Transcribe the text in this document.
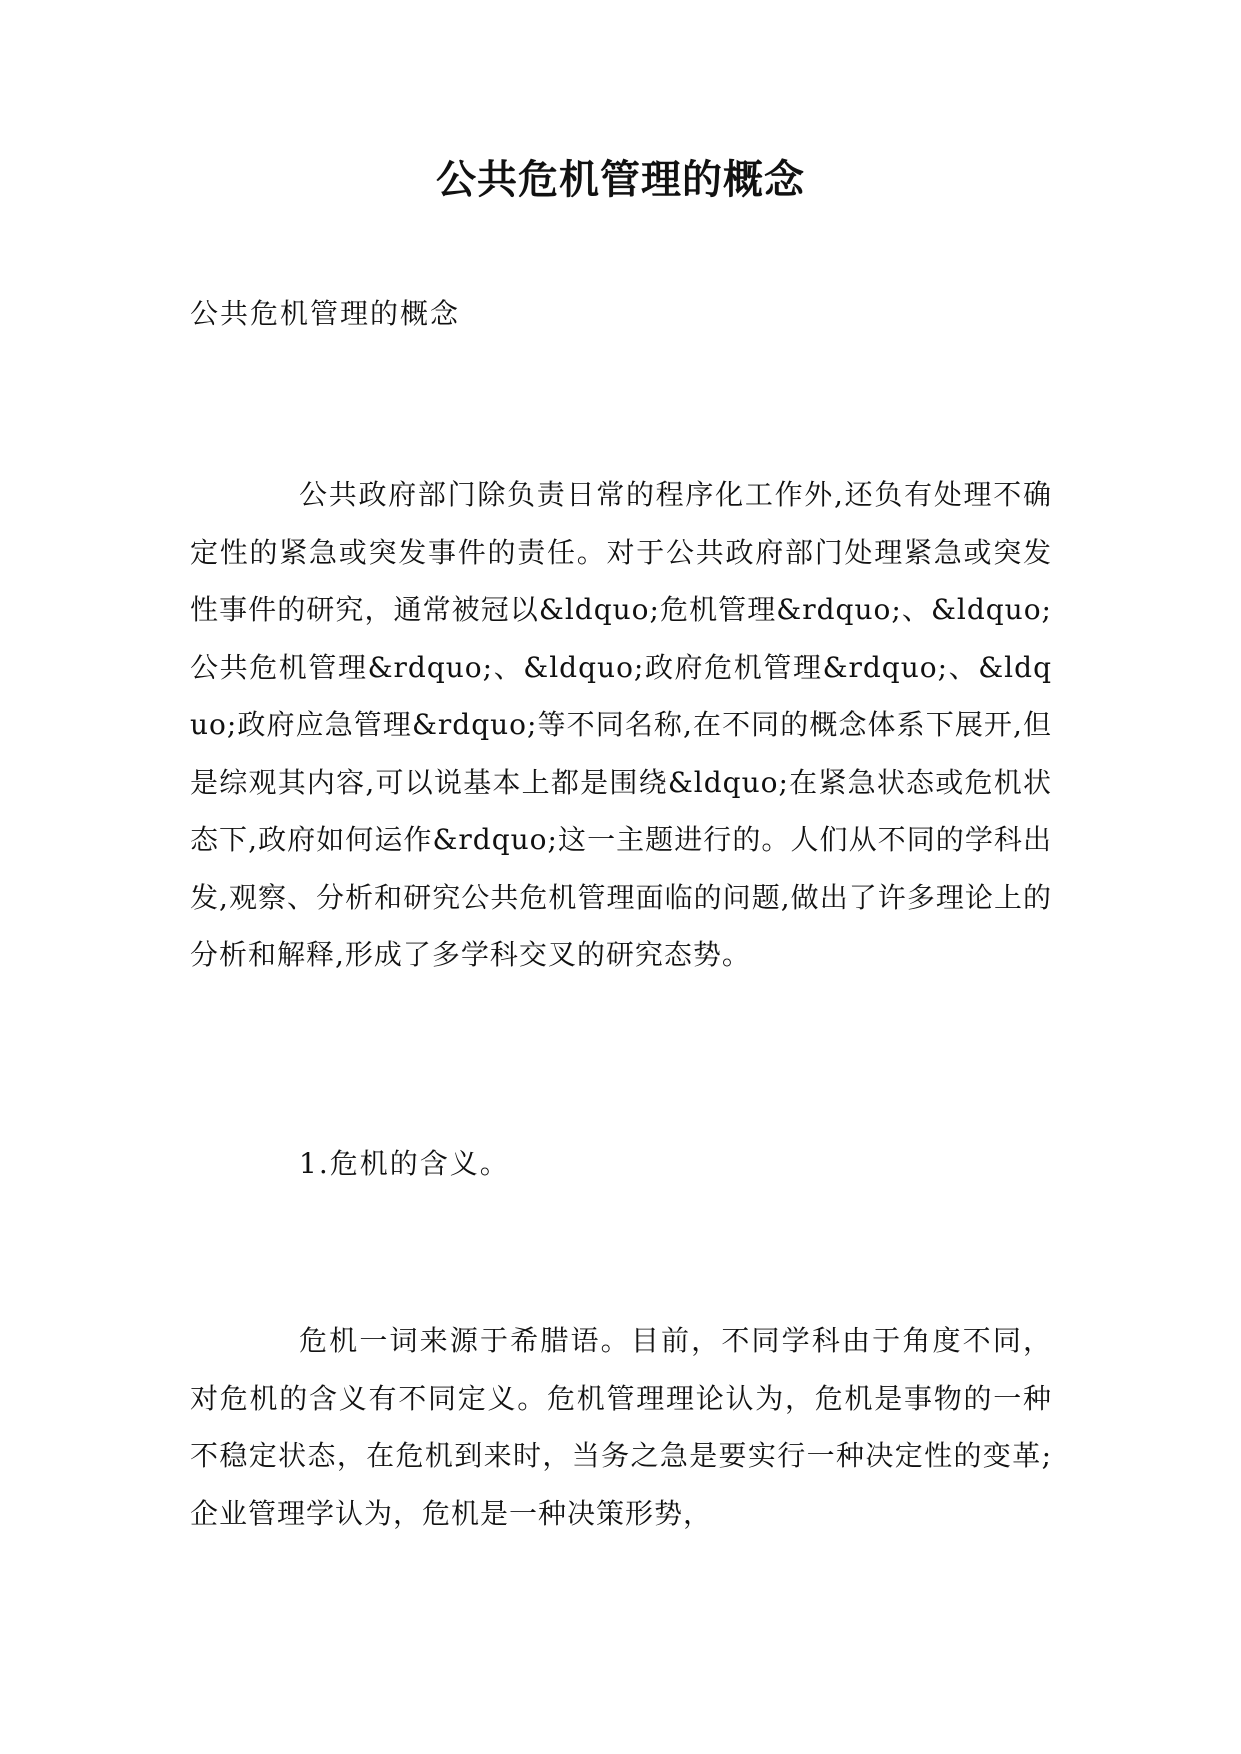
公共危机管理的概念

公共危机管理的概念

公共政府部门除负责日常的程序化工作外,还负有处理不确定性的紧急或突发事件的责任。对于公共政府部门处理紧急或突发性事件的研究，通常被冠以&ldquo;危机管理&rdquo;、&ldquo;公共危机管理&rdquo;、&ldquo;政府危机管理&rdquo;、&ldquo;政府应急管理&rdquo;等不同名称,在不同的概念体系下展开,但是综观其内容,可以说基本上都是围绕&ldquo;在紧急状态或危机状态下,政府如何运作&rdquo;这一主题进行的。人们从不同的学科出发,观察、分析和研究公共危机管理面临的问题,做出了许多理论上的分析和解释,形成了多学科交叉的研究态势。

1.危机的含义。

危机一词来源于希腊语。目前，不同学科由于角度不同，对危机的含义有不同定义。危机管理理论认为，危机是事物的一种不稳定状态，在危机到来时，当务之急是要实行一种决定性的变革;企业管理学认为，危机是一种决策形势，
